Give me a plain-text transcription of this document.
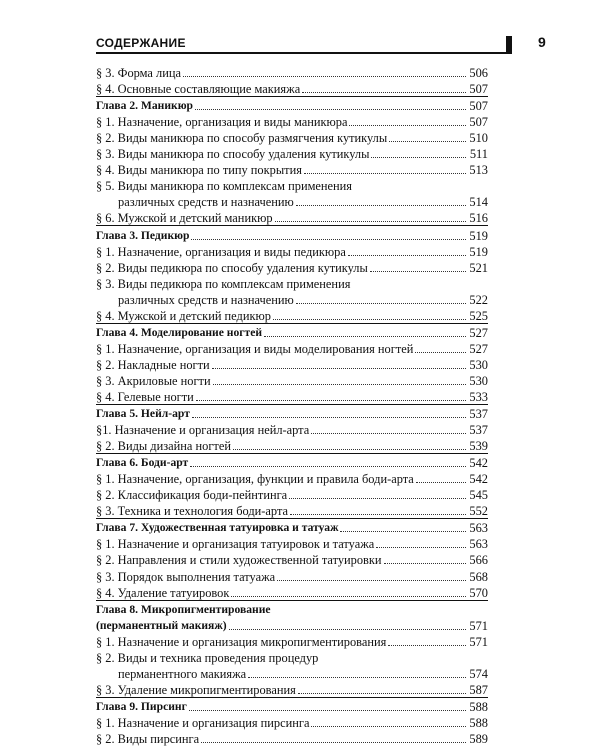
СОДЕРЖАНИЕ	9
§ 3. Форма лица	506
§ 4. Основные составляющие макияжа	507
Глава 2. Маникюр	507
§ 1. Назначение, организация и виды маникюра	507
§ 2. Виды маникюра по способу размягчения кутикулы	510
§ 3. Виды маникюра по способу удаления кутикулы	511
§ 4. Виды маникюра по типу покрытия	513
§ 5. Виды маникюра по комплексам применения
различных средств и назначению	514
§ 6. Мужской и детский маникюр	516
Глава 3. Педикюр	519
§ 1. Назначение, организация и виды педикюра	519
§ 2. Виды педикюра по способу удаления кутикулы	521
§ 3. Виды педикюра по комплексам применения
различных средств и назначению	522
§ 4. Мужской и детский педикюр	525
Глава 4. Моделирование ногтей	527
§ 1. Назначение, организация и виды моделирования ногтей	527
§ 2. Накладные ногти	530
§ 3. Акриловые ногти	530
§ 4. Гелевые ногти	533
Глава 5. Нейл-арт	537
§1. Назначение и организация нейл-арта	537
§ 2. Виды дизайна ногтей	539
Глава 6. Боди-арт	542
§ 1. Назначение, организация, функции и правила боди-арта	542
§ 2. Классификация боди-пейнтинга	545
§ 3. Техника и технология боди-арта	552
Глава 7. Художественная татуировка и татуаж	563
§ 1. Назначение и организация татуировок и татуажа	563
§ 2. Направления и стили художественной татуировки	566
§ 3. Порядок выполнения татуажа	568
§ 4. Удаление татуировок	570
Глава 8. Микропигментирование
(перманентный макияж)	571
§ 1. Назначение и организация микропигментирования	571
§ 2. Виды и техника проведения процедур
перманентного макияжа	574
§ 3. Удаление микропигментирования	587
Глава 9. Пирсинг	588
§ 1. Назначение и организация пирсинга	588
§ 2. Виды пирсинга	589
